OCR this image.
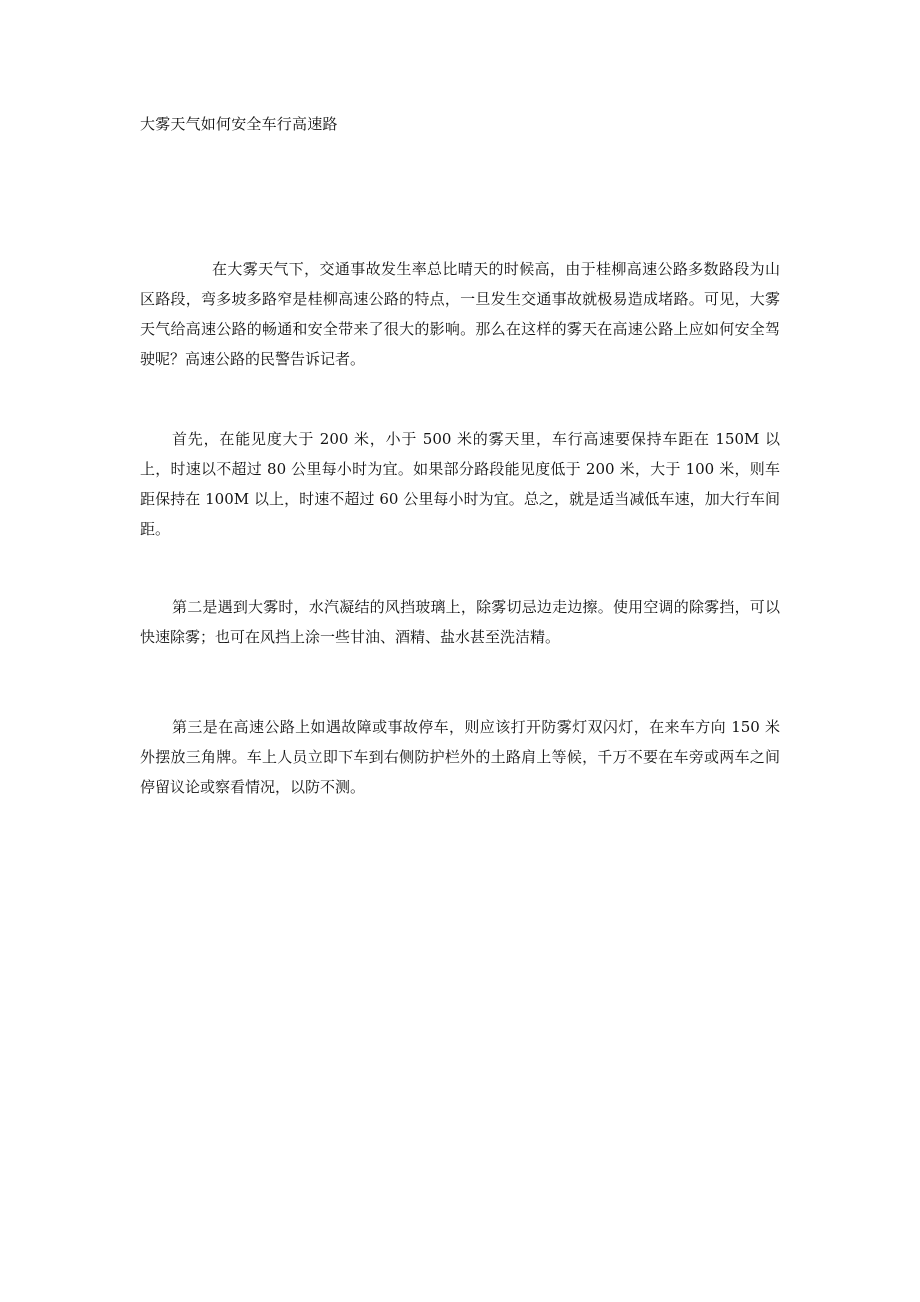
大雾天气如何安全车行高速路

在大雾天气下，交通事故发生率总比晴天的时候高，由于桂柳高速公路多数路段为山区路段，弯多坡多路窄是桂柳高速公路的特点，一旦发生交通事故就极易造成堵路。可见，大雾天气给高速公路的畅通和安全带来了很大的影响。那么在这样的雾天在高速公路上应如何安全驾驶呢？高速公路的民警告诉记者。

首先，在能见度大于 200 米，小于 500 米的雾天里，车行高速要保持车距在 150M 以上，时速以不超过 80 公里每小时为宜。如果部分路段能见度低于 200 米，大于 100 米，则车距保持在 100M 以上，时速不超过 60 公里每小时为宜。总之，就是适当减低车速，加大行车间距。

第二是遇到大雾时，水汽凝结的风挡玻璃上，除雾切忌边走边擦。使用空调的除雾挡，可以快速除雾；也可在风挡上涂一些甘油、酒精、盐水甚至洗洁精。

第三是在高速公路上如遇故障或事故停车，则应该打开防雾灯双闪灯，在来车方向 150 米外摆放三角牌。车上人员立即下车到右侧防护栏外的土路肩上等候，千万不要在车旁或两车之间停留议论或察看情况，以防不测。
